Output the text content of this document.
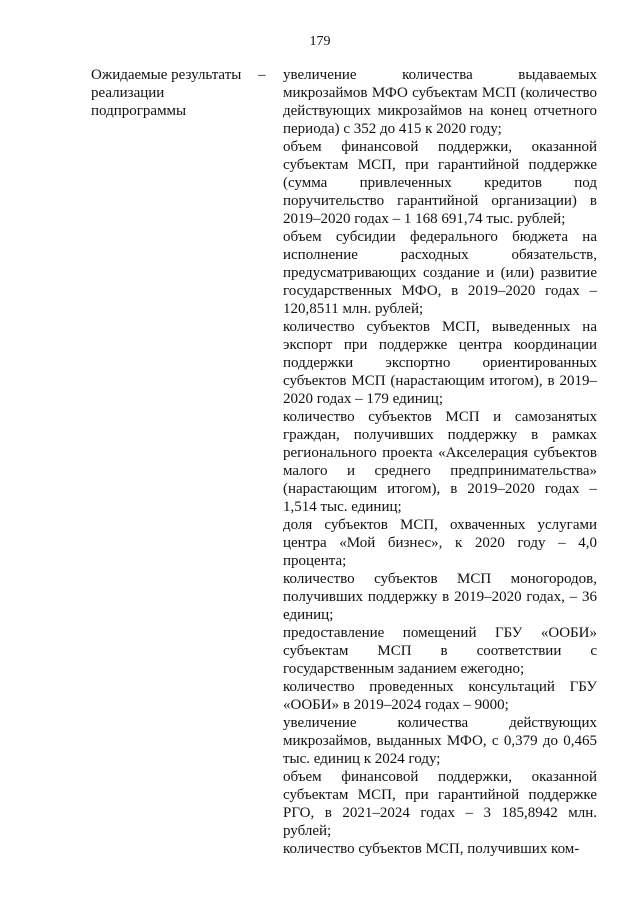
179
Ожидаемые результаты реализации подпрограммы
– увеличение количества выдаваемых микрозаймов МФО субъектам МСП (количество действующих микрозаймов на конец отчетного периода) с 352 до 415 к 2020 году;

объем финансовой поддержки, оказанной субъектам МСП, при гарантийной поддержке (сумма привлеченных кредитов под поручительство гарантийной организации) в 2019–2020 годах – 1 168 691,74 тыс. рублей;

объем субсидии федерального бюджета на исполнение расходных обязательств, предусматривающих создание и (или) развитие государственных МФО, в 2019–2020 годах – 120,8511 млн. рублей;

количество субъектов МСП, выведенных на экспорт при поддержке центра координации поддержки экспортно ориентированных субъектов МСП (нарастающим итогом), в 2019–2020 годах – 179 единиц;

количество субъектов МСП и самозанятых граждан, получивших поддержку в рамках регионального проекта «Акселерация субъектов малого и среднего предпринимательства» (нарастающим итогом), в 2019–2020 годах – 1,514 тыс. единиц;

доля субъектов МСП, охваченных услугами центра «Мой бизнес», к 2020 году – 4,0 процента;

количество субъектов МСП моногородов, получивших поддержку в 2019–2020 годах, – 36 единиц;

предоставление помещений ГБУ «ООБИ» субъектам МСП в соответствии с государственным заданием ежегодно;

количество проведенных консультаций ГБУ «ООБИ» в 2019–2024 годах – 9000;

увеличение количества действующих микрозаймов, выданных МФО, с 0,379 до 0,465 тыс. единиц к 2024 году;

объем финансовой поддержки, оказанной субъектам МСП, при гарантийной поддержке РГО, в 2021–2024 годах – 3 185,8942 млн. рублей;

количество субъектов МСП, получивших ком-
